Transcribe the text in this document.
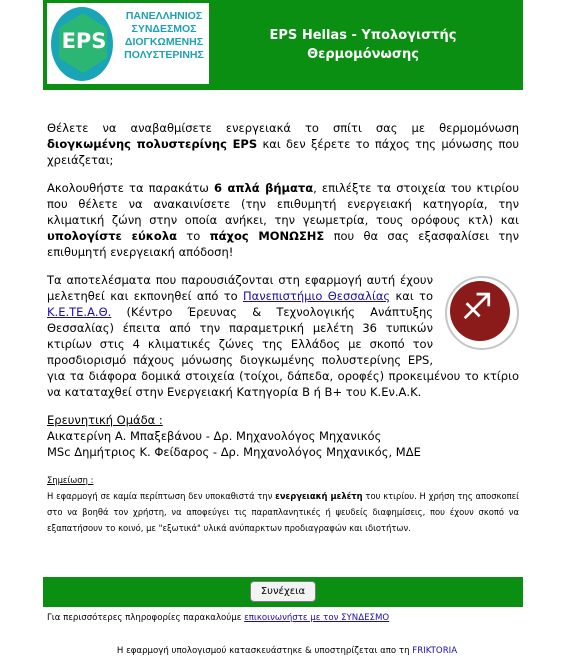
EPS
ΠΑΝΕΛΛΗΝΙΟΣ
ΣΥΝΔΕΣΜΟΣ
ΔΙΟΓΚΩΜΕΝΗΣ
ΠΟΛΥΣΤΕΡΙΝΗΣ
EPS Hellas - Υπολογιστής
Θερμομόνωσης

Θέλετε να αναβαθμίσετε ενεργειακά το σπίτι σας με θερμομόνωση διογκωμένης πολυστερίνης EPS και δεν ξέρετε το πάχος της μόνωσης που χρειάζεται;

Ακολουθήστε τα παρακάτω 6 απλά βήματα, επιλέξτε τα στοιχεία του κτιρίου που θέλετε να ανακαινίσετε (την επιθυμητή ενεργειακή κατηγορία, την κλιματική ζώνη στην οποία ανήκει, την γεωμετρία, τους ορόφους κτλ) και υπολογίστε εύκολα το πάχος ΜΟΝΩΣΗΣ που θα σας εξασφαλίσει την επιθυμητή ενεργειακή απόδοση!

♐
Τα αποτελέσματα που παρουσιάζονται στη εφαρμογή αυτή έχουν μελετηθεί και εκπονηθεί από το Πανεπιστήμιο Θεσσαλίας και το Κ.Ε.ΤΕ.Α.Θ. (Κέντρο Έρευνας & Τεχνολογικής Ανάπτυξης Θεσσαλίας) έπειτα από την παραμετρική μελέτη 36 τυπικών κτιρίων στις 4 κλιματικές ζώνες της Ελλάδος με σκοπό τον προσδιορισμό πάχους μόνωσης διογκωμένης πολυστερίνης EPS, για τα διάφορα δομικά στοιχεία (τοίχοι, δάπεδα, οροφές) προκειμένου το κτίριο να καταταχθεί στην Ενεργειακή Κατηγορία Β ή Β+ του Κ.Εν.Α.Κ.

Ερευνητική Ομάδα :
Αικατερίνη Α. Μπαξεβάνου - Δρ. Μηχανολόγος Μηχανικός
MSc Δημήτριος Κ. Φείδαρος - Δρ. Μηχανολόγος Μηχανικός, ΜΔΕ
Σημείωση :
Η εφαρμογή σε καμία περίπτωση δεν υποκαθιστά την ενεργειακή μελέτη του κτιρίου. Η χρήση της αποσκοπεί στο να βοηθά τον χρήστη, να αποφεύγει τις παραπλανητικές ή ψευδείς διαφημίσεις, που έχουν σκοπό να εξαπατήσουν το κοινό, με "εξωτικά" υλικά ανύπαρκτων προδιαγραφών και ιδιοτήτων.
Συνέχεια
Για περισσότερες πληροφορίες παρακαλούμε επικοινωνήστε με τον ΣΥΝΔΕΣΜΟ
Η εφαρμογή υπολογισμού κατασκευάστηκε & υποστηρίζεται απο τη FRIKTORIA
